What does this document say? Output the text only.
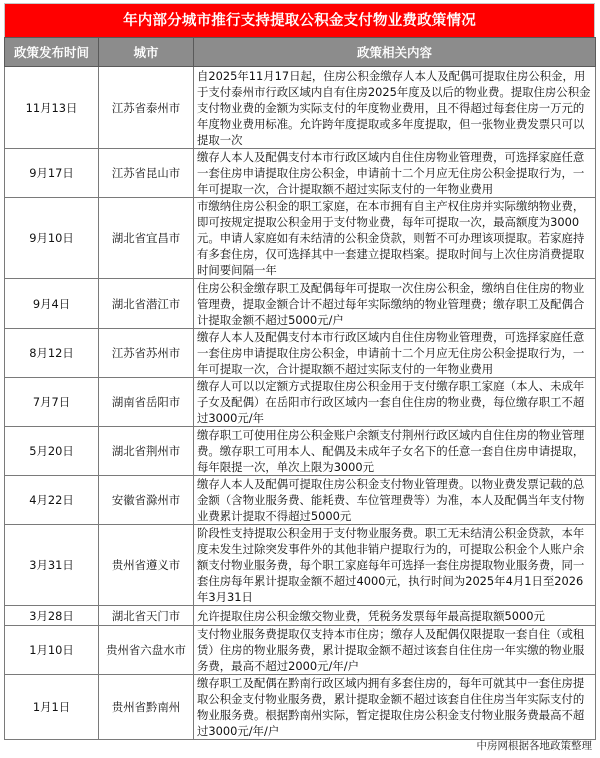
年内部分城市推行支持提取公积金支付物业费政策情况
政策发布时间	城市	政策相关内容
11月13日	江苏省泰州市	自2025年11月17日起，住房公积金缴存人本人及配偶可提取住房公积金，用于支付泰州市行政区域内自有住房2025年度及以后的物业费。提取住房公积金支付物业费的金额为实际支付的年度物业费用，且不得超过每套住房一万元的年度物业费用标准。允许跨年度提取或多年度提取，但一张物业费发票只可以提取一次
9月17日	江苏省昆山市	缴存人本人及配偶支付本市行政区域内自住住房物业管理费，可选择家庭任意一套住房申请提取住房公积金，申请前十二个月应无住房公积金提取行为，一年可提取一次，合计提取额不超过实际支付的一年物业费用
9月10日	湖北省宜昌市	市缴纳住房公积金的职工家庭，在本市拥有自主产权住房并实际缴纳物业费，即可按规定提取公积金用于支付物业费，每年可提取一次，最高额度为3000元。申请人家庭如有未结清的公积金贷款，则暂不可办理该项提取。若家庭持有多套住房，仅可选择其中一套建立提取档案。提取时间与上次住房消费提取时间要间隔一年
9月4日	湖北省潜江市	住房公积金缴存职工及配偶每年可提取一次住房公积金，缴纳自住住房的物业管理费，提取金额合计不超过每年实际缴纳的物业管理费；缴存职工及配偶合计提取金额不超过5000元/户
8月12日	江苏省苏州市	缴存人本人及配偶支付本市行政区域内自住住房物业管理费，可选择家庭任意一套住房申请提取住房公积金，申请前十二个月应无住房公积金提取行为，一年可提取一次，合计提取额不超过实际支付的一年物业费用
7月7日	湖南省岳阳市	缴存人可以以定额方式提取住房公积金用于支付缴存职工家庭（本人、未成年子女及配偶）在岳阳市行政区域内一套自住住房的物业费，每位缴存职工不超过3000元/年
5月20日	湖北省荆州市	缴存职工可使用住房公积金账户余额支付荆州行政区域内自住住房的物业管理费。缴存职工可用本人、配偶及未成年子女名下的任意一套自住房申请提取，每年限提一次，单次上限为3000元
4月22日	安徽省滁州市	缴存人本人及配偶可提取住房公积金支付物业管理费。以物业费发票记载的总金额（含物业服务费、能耗费、车位管理费等）为准，本人及配偶当年支付物业费累计提取不得超过5000元
3月31日	贵州省遵义市	阶段性支持提取公积金用于支付物业服务费。职工无未结清公积金贷款，本年度未发生过除突发事件外的其他非销户提取行为的，可提取公积金个人账户余额支付物业服务费，每个职工家庭每年可选择一套住房提取物业服务费，同一套住房每年累计提取金额不超过4000元，执行时间为2025年4月1日至2026年3月31日
3月28日	湖北省天门市	允许提取住房公积金缴交物业费，凭税务发票每年最高提取额5000元
1月10日	贵州省六盘水市	支付物业服务费提取仅支持本市住房；缴存人及配偶仅限提取一套自住（或租赁）住房的物业服务费，累计提取金额不超过该套自住住房一年实缴的物业服务费，最高不超过2000元/年/户
1月1日	贵州省黔南州	缴存职工及配偶在黔南行政区域内拥有多套住房的，每年可就其中一套住房提取公积金支付物业服务费，累计提取金额不超过该套自住住房当年实际支付的物业服务费。根据黔南州实际，暂定提取住房公积金支付物业服务费最高不超过3000元/年/户
中房网根据各地政策整理
